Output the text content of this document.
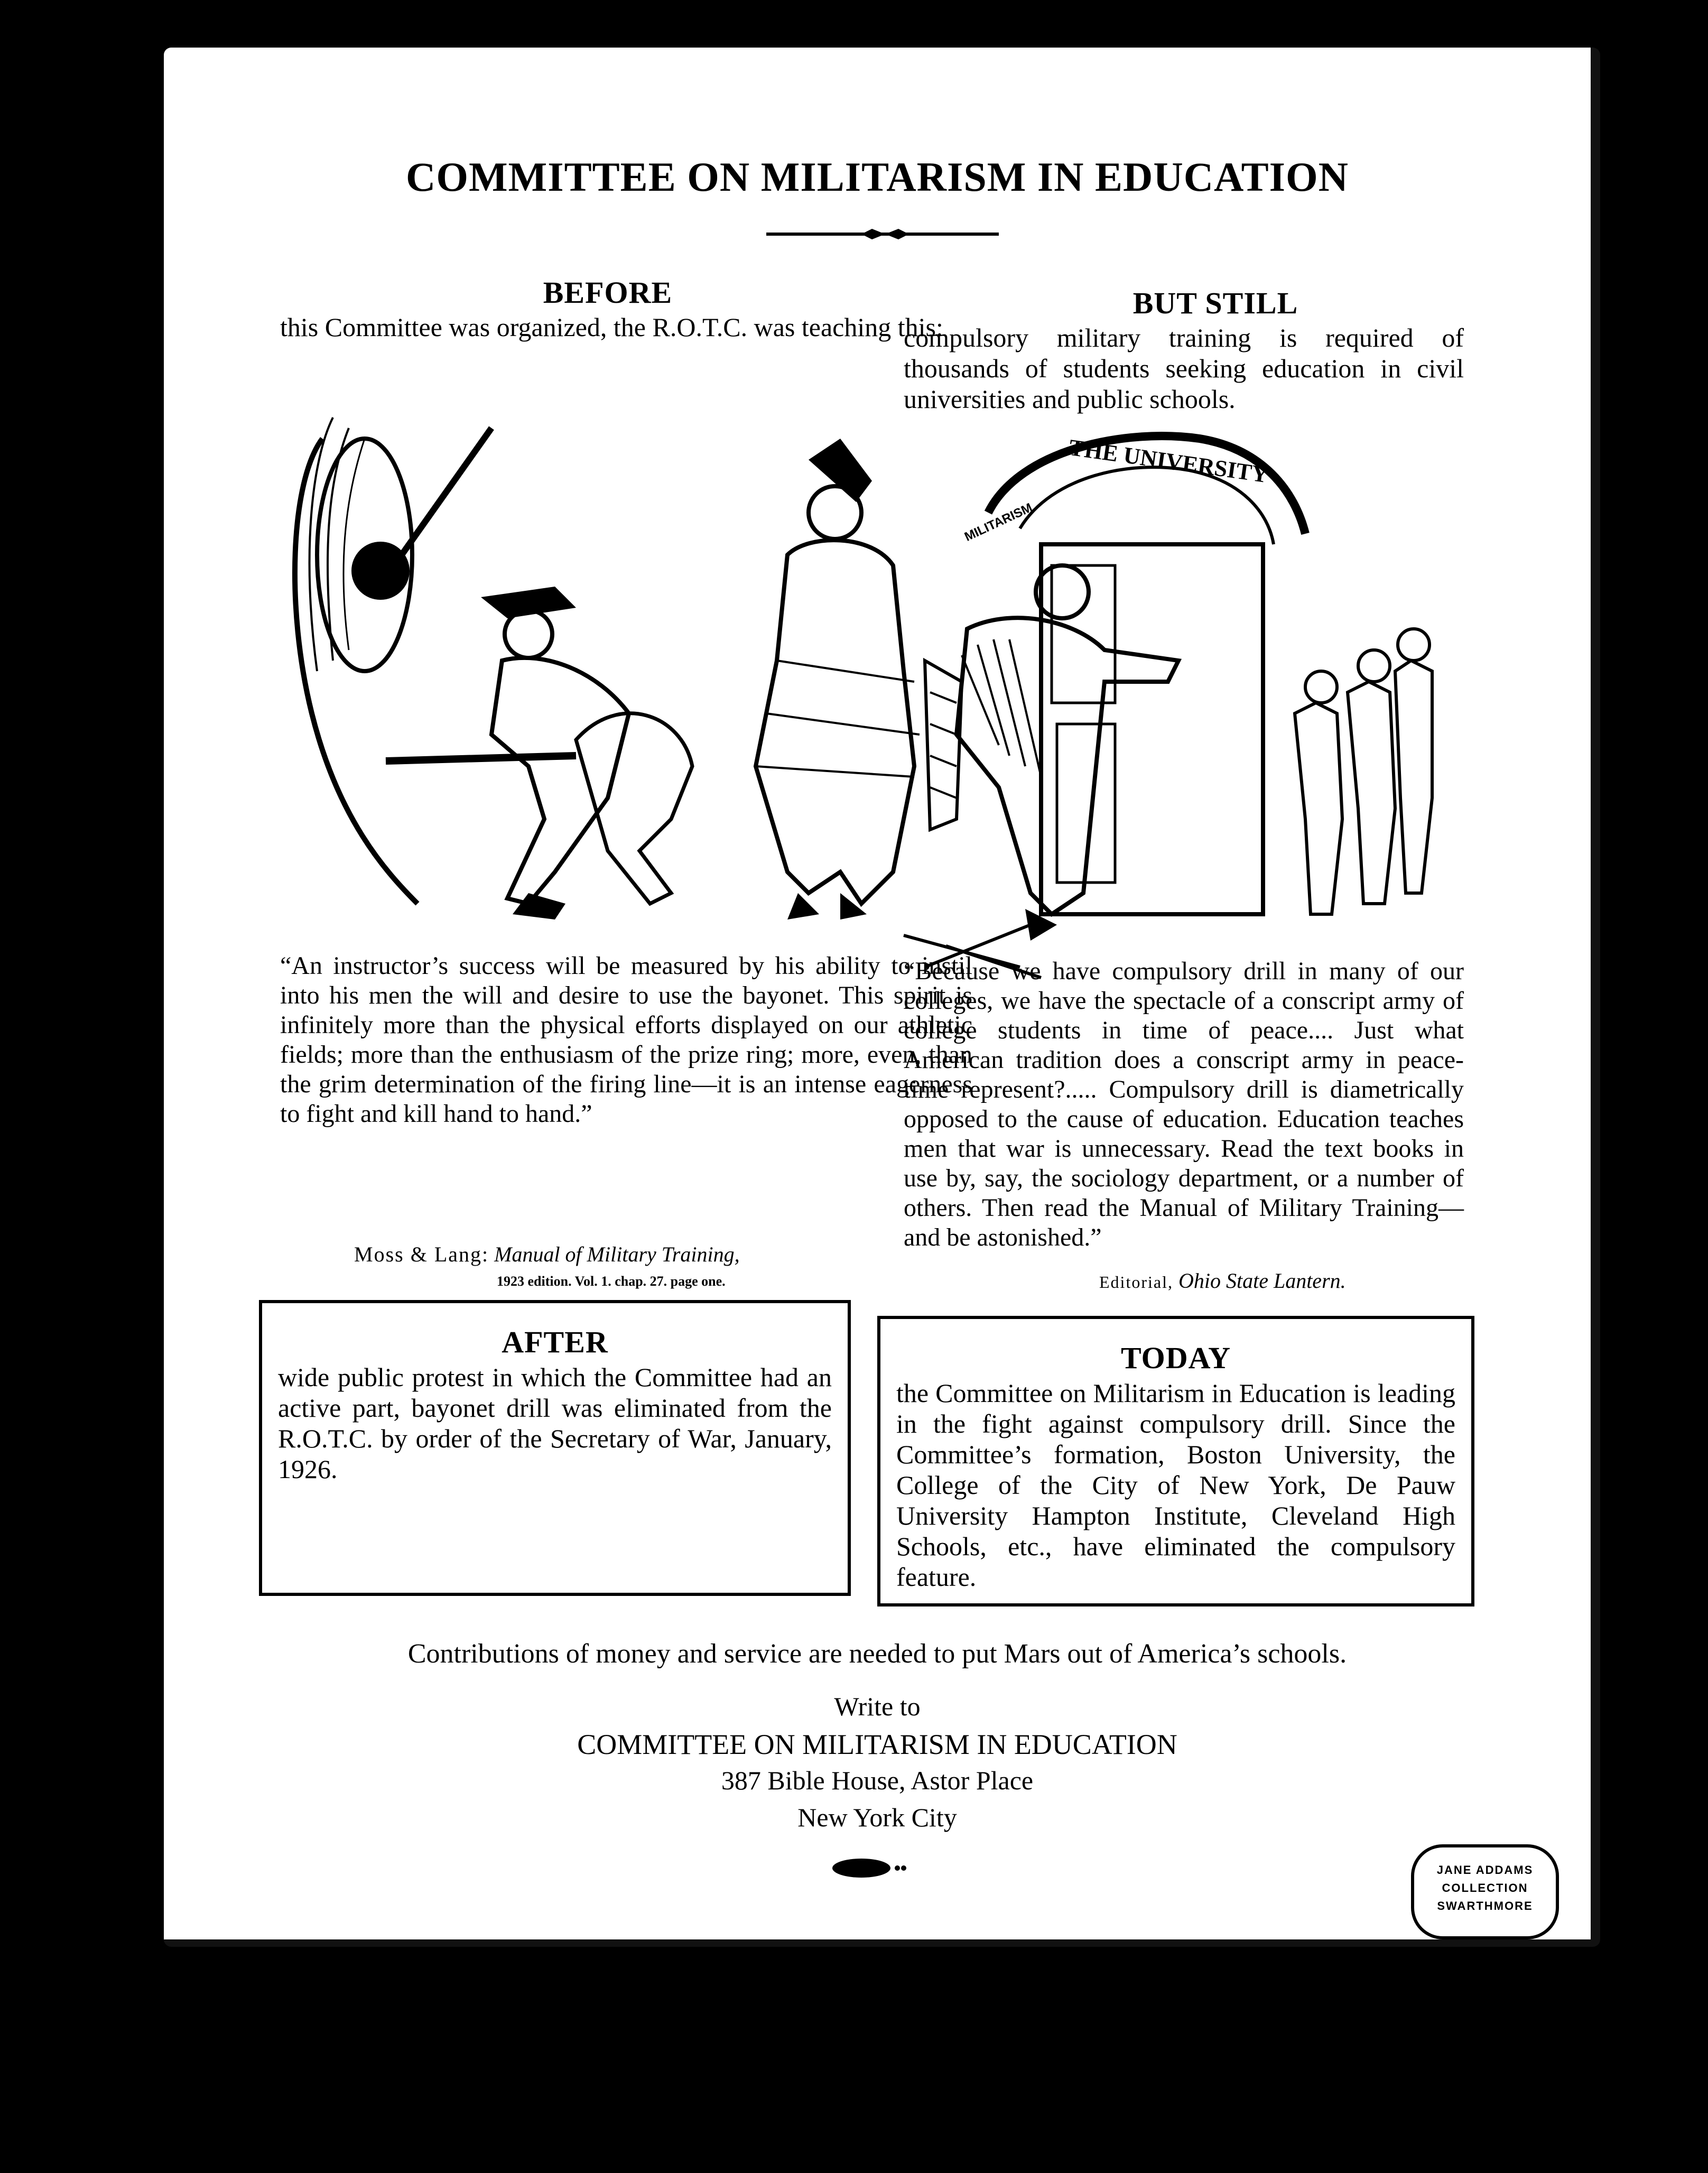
COMMITTEE ON MILITARISM IN EDUCATION
BEFORE
this Committee was organized, the R.O.T.C. was teaching this:
“An instructor’s success will be measured by his ability to instil into his men the will and desire to use the bayonet. This spirit is infinitely more than the physical efforts displayed on our athletic fields; more than the enthusiasm of the prize ring; more, even, than the grim determination of the firing line—it is an intense eagerness to fight and kill hand to hand.”
Moss & Lang: Manual of Military Training,
1923 edition. Vol. 1. chap. 27. page one.
BUT STILL
compulsory military training is required of thousands of students seeking education in civil universities and public schools.
THE UNIVERSITY
MILITARISM
“Because we have compulsory drill in many of our colleges, we have the spectacle of a conscript army of college students in time of peace.... Just what American tradition does a conscript army in peace-time represent?..... Compulsory drill is diametrically opposed to the cause of education. Education teaches men that war is unnecessary. Read the text books in use by, say, the sociology department, or a number of others. Then read the Manual of Military Training—and be astonished.”
Editorial, Ohio State Lantern.
AFTER
wide public protest in which the Committee had an active part, bayonet drill was eliminated from the R.O.T.C. by order of the Secretary of War, January, 1926.
TODAY
the Committee on Militarism in Education is leading in the fight against compulsory drill. Since the Committee’s formation, Boston University, the College of the City of New York, De Pauw University Hampton Institute, Cleveland High Schools, etc., have eliminated the compulsory feature.
Contributions of money and service are needed to put Mars out of America’s schools.
Write to
COMMITTEE ON MILITARISM IN EDUCATION
387 Bible House, Astor Place
New York City
JANE ADDAMS
COLLECTION
SWARTHMORE
